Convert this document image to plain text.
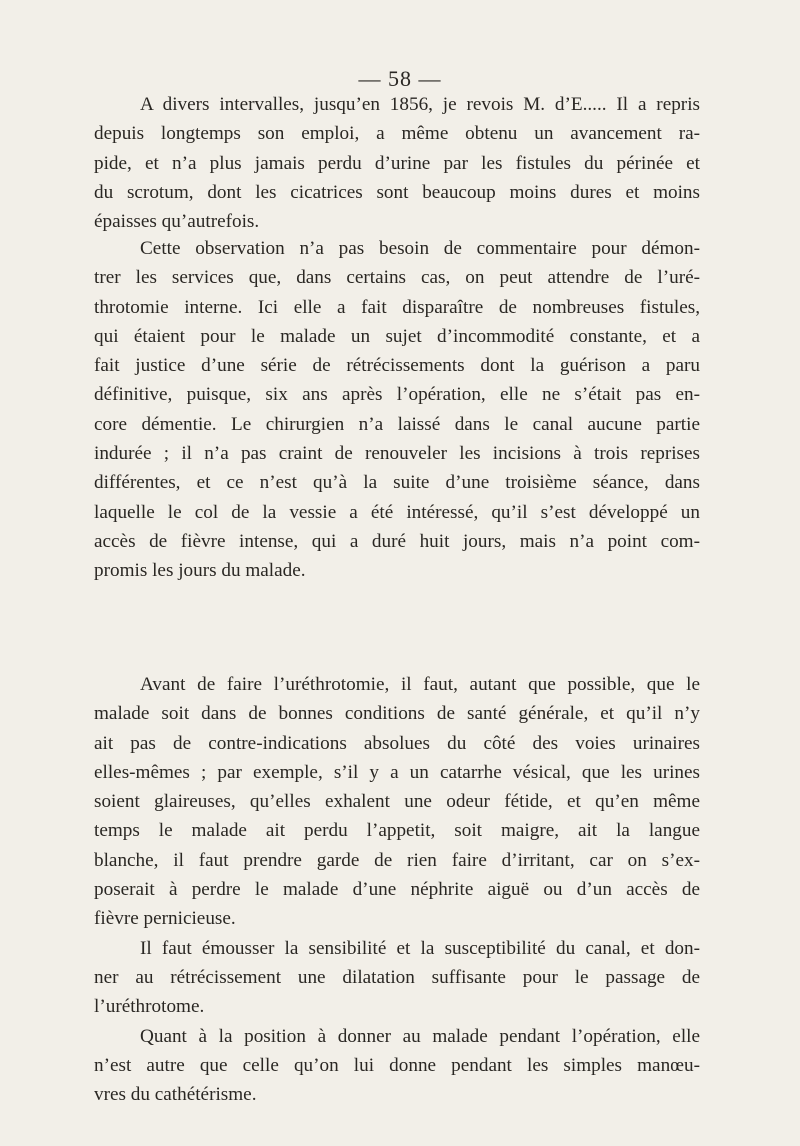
— 58 —
A divers intervalles, jusqu’en 1856, je revois M. d’E..... Il a repris
depuis longtemps son emploi, a même obtenu un avancement ra-
pide, et n’a plus jamais perdu d’urine par les fistules du périnée et
du scrotum, dont les cicatrices sont beaucoup moins dures et moins
épaisses qu’autrefois.
Cette observation n’a pas besoin de commentaire pour démon-
trer les services que, dans certains cas, on peut attendre de l’uré-
throtomie interne. Ici elle a fait disparaître de nombreuses fistules,
qui étaient pour le malade un sujet d’incommodité constante, et a
fait justice d’une série de rétrécissements dont la guérison a paru
définitive, puisque, six ans après l’opération, elle ne s’était pas en-
core démentie. Le chirurgien n’a laissé dans le canal aucune partie
indurée ; il n’a pas craint de renouveler les incisions à trois reprises
différentes, et ce n’est qu’à la suite d’une troisième séance, dans
laquelle le col de la vessie a été intéressé, qu’il s’est développé un
accès de fièvre intense, qui a duré huit jours, mais n’a point com-
promis les jours du malade.
Avant de faire l’uréthrotomie, il faut, autant que possible, que le
malade soit dans de bonnes conditions de santé générale, et qu’il n’y
ait pas de contre-indications absolues du côté des voies urinaires
elles-mêmes ; par exemple, s’il y a un catarrhe vésical, que les urines
soient glaireuses, qu’elles exhalent une odeur fétide, et qu’en même
temps le malade ait perdu l’appetit, soit maigre, ait la langue
blanche, il faut prendre garde de rien faire d’irritant, car on s’ex-
poserait à perdre le malade d’une néphrite aiguë ou d’un accès de
fièvre pernicieuse.
Il faut émousser la sensibilité et la susceptibilité du canal, et don-
ner au rétrécissement une dilatation suffisante pour le passage de
l’uréthrotome.
Quant à la position à donner au malade pendant l’opération, elle
n’est autre que celle qu’on lui donne pendant les simples manœu-
vres du cathétérisme.
